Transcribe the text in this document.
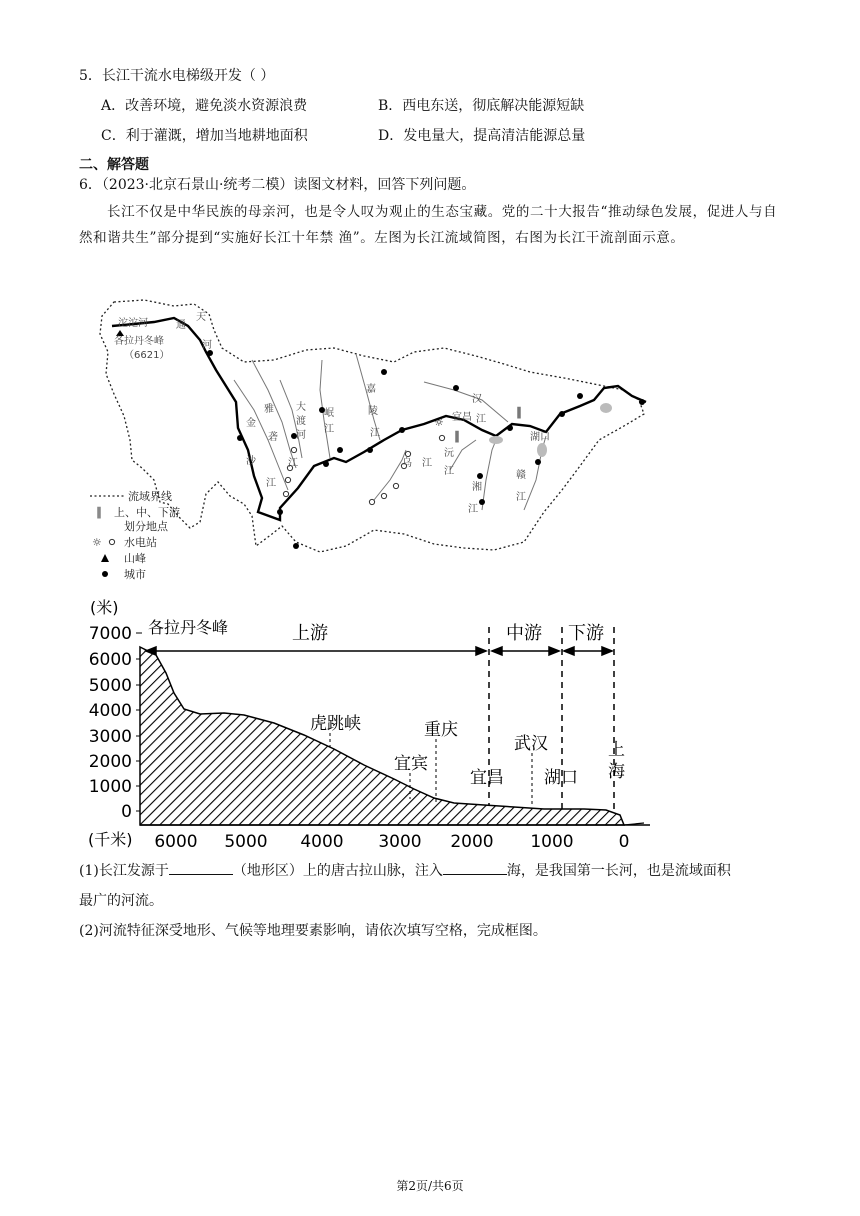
5．长江干流水电梯级开发（ ）
A．改善环境，避免淡水资源浪费	B．西电东送，彻底解决能源短缺
C．利于灌溉，增加当地耕地面积	D．发电量大，提高清洁能源总量
二、解答题
6．（2023·北京石景山·统考二模）读图文材料，回答下列问题。
长江不仅是中华民族的母亲河，也是令人叹为观止的生态宝藏。党的二十大报告“推动绿色发展，促进人与自然和谐共生”部分提到“实施好长江十年禁 渔”。左图为长江流域简图，右图为长江干流剖面示意。
☼
∥
∥
沱沱河	通
天
河
各拉丹冬峰
（6621）
金
沙
江
雅
砻
江
大
渡
河
岷
江
嘉
陵
江
汉
江
宜昌
湖口
乌 江
沅
江
湘
江
赣
江
流域界线
∥ 上、中、下游
划分地点
☼ 水电站
山峰
城市
(米)
7000
6000
5000
4000
3000
2000
1000
0
各拉丹冬峰	上游	中游 下游
虎跳峡	重庆
宜宾
武汉
宜昌 湖口
上
海
(千米) 6000 5000 4000 3000 2000 1000	0
(1)长江发源于	（地形区）上的唐古拉山脉，注入	海，是我国第一长河，也是流域面积
最广的河流。
(2)河流特征深受地形、气候等地理要素影响，请依次填写空格，完成框图。
第2页/共6页
